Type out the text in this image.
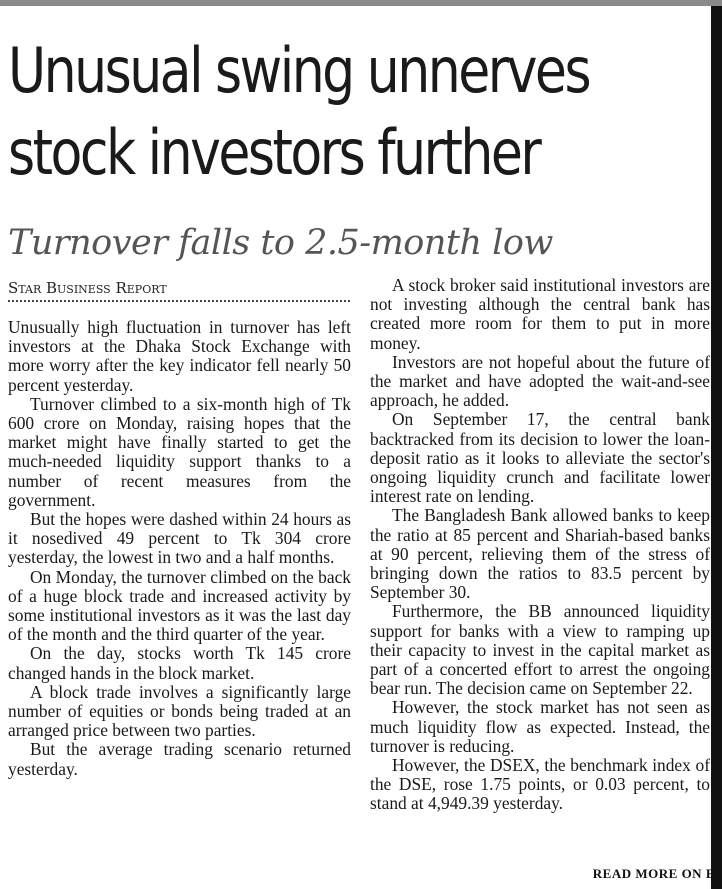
Unusual swing unnerves
stock investors further
Turnover falls to 2.5-month low
Star Business Report

Unusually high fluctuation in turnover has left investors at the Dhaka Stock Exchange with more worry after the key indicator fell nearly 50 percent yesterday.

Turnover climbed to a six-month high of Tk 600 crore on Monday, raising hopes that the market might have finally started to get the much-needed liquidity support thanks to a number of recent measures from the government.

But the hopes were dashed within 24 hours as it nosedived 49 percent to Tk 304 crore yesterday, the lowest in two and a half months.

On Monday, the turnover climbed on the back of a huge block trade and increased activity by some institutional investors as it was the last day of the month and the third quarter of the year.

On the day, stocks worth Tk 145 crore changed hands in the block market.

A block trade involves a significantly large number of equities or bonds being traded at an arranged price between two parties.

But the average trading scenario returned yesterday.

A stock broker said institutional investors are not investing although the central bank has created more room for them to put in more money.

Investors are not hopeful about the future of the market and have adopted the wait-and-see approach, he added.

On September 17, the central bank backtracked from its decision to lower the loan-deposit ratio as it looks to alleviate the sector's ongoing liquidity crunch and facilitate lower interest rate on lending.

The Bangladesh Bank allowed banks to keep the ratio at 85 percent and Shariah-based banks at 90 percent, relieving them of the stress of bringing down the ratios to 83.5 percent by September 30.

Furthermore, the BB announced liquidity support for banks with a view to ramping up their capacity to invest in the capital market as part of a concerted effort to arrest the ongoing bear run. The decision came on September 22.

However, the stock market has not seen as much liquidity flow as expected. Instead, the turnover is reducing.

However, the DSEX, the benchmark index of the DSE, rose 1.75 points, or 0.03 percent, to stand at 4,949.39 yesterday.

READ MORE ON B3
